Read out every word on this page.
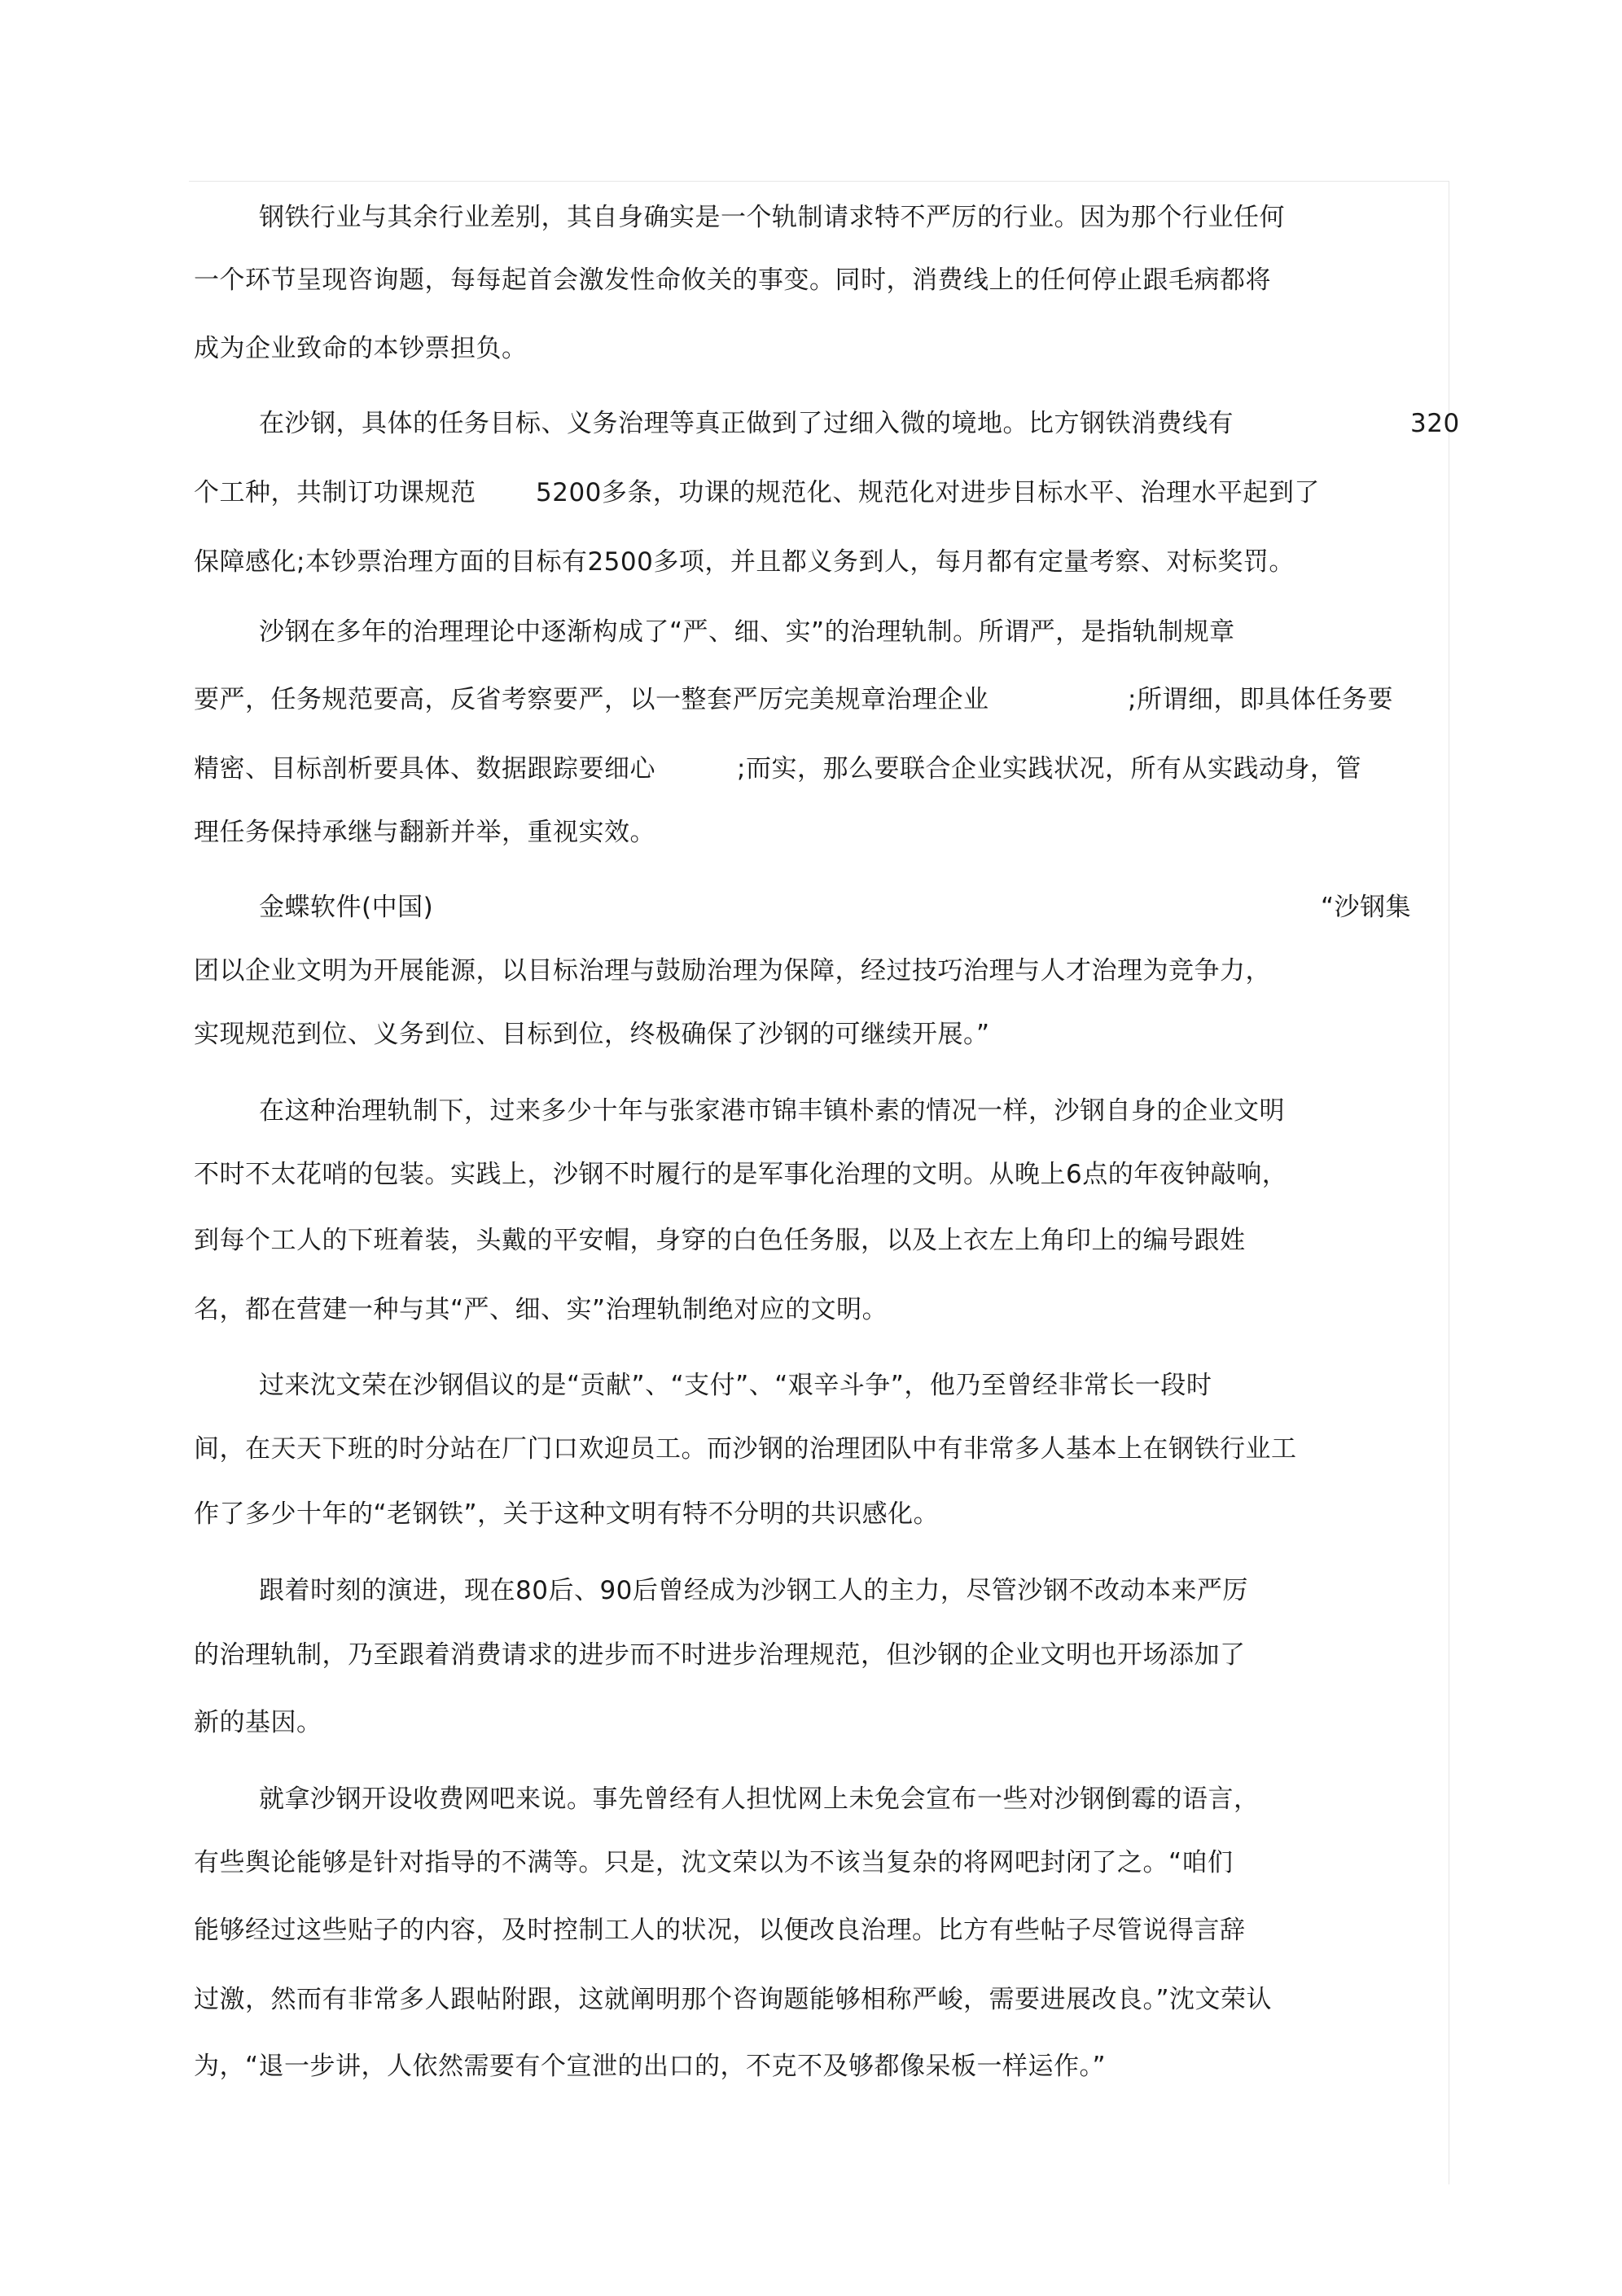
钢铁行业与其余行业差别，其自身确实是一个轨制请求特不严厉的行业。因为那个行业任何
一个环节呈现咨询题，每每起首会激发性命攸关的事变。同时，消费线上的任何停止跟毛病都将
成为企业致命的本钞票担负。
在沙钢，具体的任务目标、义务治理等真正做到了过细入微的境地。比方钢铁消费线有	320
个工种，共制订功课规范 5200多条，功课的规范化、规范化对进步目标水平、治理水平起到了
保障感化;本钞票治理方面的目标有2500多项，并且都义务到人，每月都有定量考察、对标奖罚。
沙钢在多年的治理理论中逐渐构成了“严、细、实”的治理轨制。所谓严，是指轨制规章
要严，任务规范要高，反省考察要严，以一整套严厉完美规章治理企业	;所谓细，即具体任务要
精密、目标剖析要具体、数据跟踪要细心	;而实，那么要联合企业实践状况，所有从实践动身，管
理任务保持承继与翻新并举，重视实效。
金蝶软件(中国)	“沙钢集
团以企业文明为开展能源，以目标治理与鼓励治理为保障，经过技巧治理与人才治理为竞争力，
实现规范到位、义务到位、目标到位，终极确保了沙钢的可继续开展。”
在这种治理轨制下，过来多少十年与张家港市锦丰镇朴素的情况一样，沙钢自身的企业文明
不时不太花哨的包装。实践上，沙钢不时履行的是军事化治理的文明。从晚上6点的年夜钟敲响，
到每个工人的下班着装，头戴的平安帽，身穿的白色任务服，以及上衣左上角印上的编号跟姓
名，都在营建一种与其“严、细、实”治理轨制绝对应的文明。
过来沈文荣在沙钢倡议的是“贡献”、“支付”、“艰辛斗争”，他乃至曾经非常长一段时
间，在天天下班的时分站在厂门口欢迎员工。而沙钢的治理团队中有非常多人基本上在钢铁行业工
作了多少十年的“老钢铁”，关于这种文明有特不分明的共识感化。
跟着时刻的演进，现在80后、90后曾经成为沙钢工人的主力，尽管沙钢不改动本来严厉
的治理轨制，乃至跟着消费请求的进步而不时进步治理规范，但沙钢的企业文明也开场添加了
新的基因。
就拿沙钢开设收费网吧来说。事先曾经有人担忧网上未免会宣布一些对沙钢倒霉的语言，
有些舆论能够是针对指导的不满等。只是，沈文荣以为不该当复杂的将网吧封闭了之。“咱们
能够经过这些贴子的内容，及时控制工人的状况，以便改良治理。比方有些帖子尽管说得言辞
过激，然而有非常多人跟帖附跟，这就阐明那个咨询题能够相称严峻，需要进展改良。”沈文荣认
为，“退一步讲，人依然需要有个宣泄的出口的，不克不及够都像呆板一样运作。”
